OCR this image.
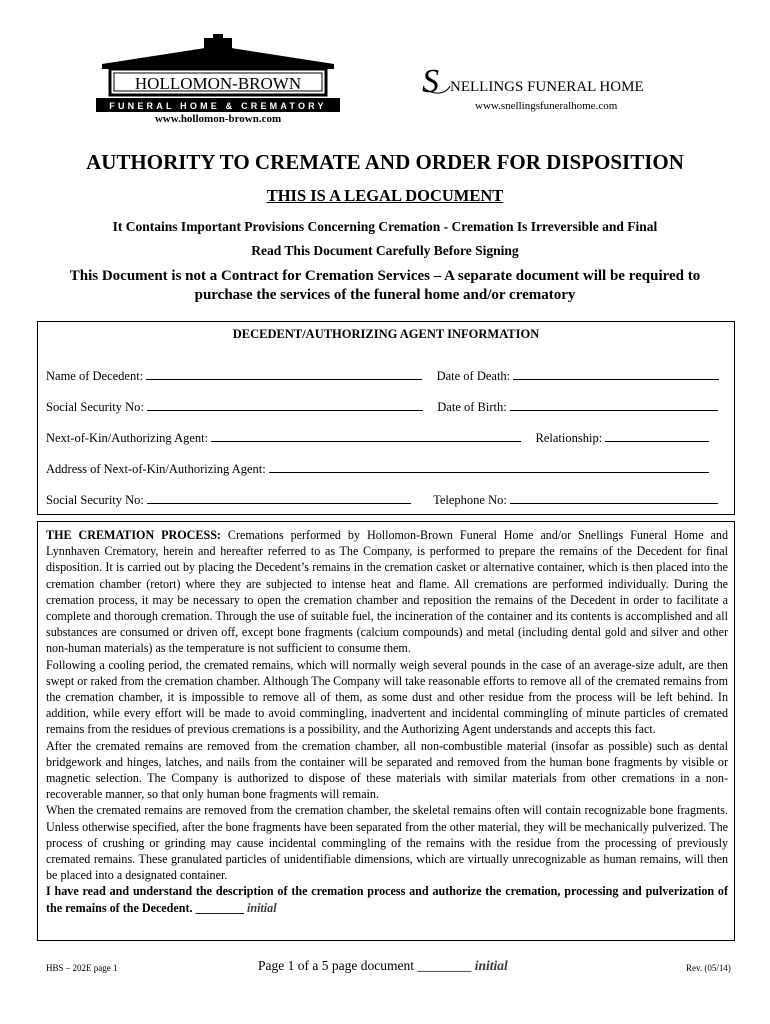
HOLLOMON-BROWN
FUNERAL HOME & CREMATORY
www.hollomon-brown.com
S NELLINGS FUNERAL HOME
www.snellingsfuneralhome.com
AUTHORITY TO CREMATE AND ORDER FOR DISPOSITION
THIS IS A LEGAL DOCUMENT
It Contains Important Provisions Concerning Cremation - Cremation Is Irreversible and Final
Read This Document Carefully Before Signing
This Document is not a Contract for Cremation Services – A separate document will be required to purchase the services of the funeral home and/or crematory
DECEDENT/AUTHORIZING AGENT INFORMATION
Name of Decedent:	Date of Death:
Social Security No:	Date of Birth:
Next-of-Kin/Authorizing Agent:	Relationship:
Address of Next-of-Kin/Authorizing Agent:
Social Security No:	Telephone No:

THE CREMATION PROCESS: Cremations performed by Hollomon-Brown Funeral Home and/or Snellings Funeral Home and Lynnhaven Crematory, herein and hereafter referred to as The Company, is performed to prepare the remains of the Decedent for final disposition. It is carried out by placing the Decedent’s remains in the cremation casket or alternative container, which is then placed into the cremation chamber (retort) where they are subjected to intense heat and flame. All cremations are performed individually. During the cremation process, it may be necessary to open the cremation chamber and reposition the remains of the Decedent in order to facilitate a complete and thorough cremation. Through the use of suitable fuel, the incineration of the container and its contents is accomplished and all substances are consumed or driven off, except bone fragments (calcium compounds) and metal (including dental gold and silver and other non-human materials) as the temperature is not sufficient to consume them.

Following a cooling period, the cremated remains, which will normally weigh several pounds in the case of an average-size adult, are then swept or raked from the cremation chamber. Although The Company will take reasonable efforts to remove all of the cremated remains from the cremation chamber, it is impossible to remove all of them, as some dust and other residue from the process will be left behind. In addition, while every effort will be made to avoid commingling, inadvertent and incidental commingling of minute particles of cremated remains from the residues of previous cremations is a possibility, and the Authorizing Agent understands and accepts this fact.

After the cremated remains are removed from the cremation chamber, all non-combustible material (insofar as possible) such as dental bridgework and hinges, latches, and nails from the container will be separated and removed from the human bone fragments by visible or magnetic selection. The Company is authorized to dispose of these materials with similar materials from other cremations in a non-recoverable manner, so that only human bone fragments will remain.

When the cremated remains are removed from the cremation chamber, the skeletal remains often will contain recognizable bone fragments. Unless otherwise specified, after the bone fragments have been separated from the other material, they will be mechanically pulverized. The process of crushing or grinding may cause incidental commingling of the remains with the residue from the processing of previously cremated remains. These granulated particles of unidentifiable dimensions, which are virtually unrecognizable as human remains, will then be placed into a designated container.

I have read and understand the description of the cremation process and authorize the cremation, processing and pulverization of the remains of the Decedent. ________ initial

HBS – 202E page 1	Page 1 of a 5 page document ________ initial	Rev. (05/14)
